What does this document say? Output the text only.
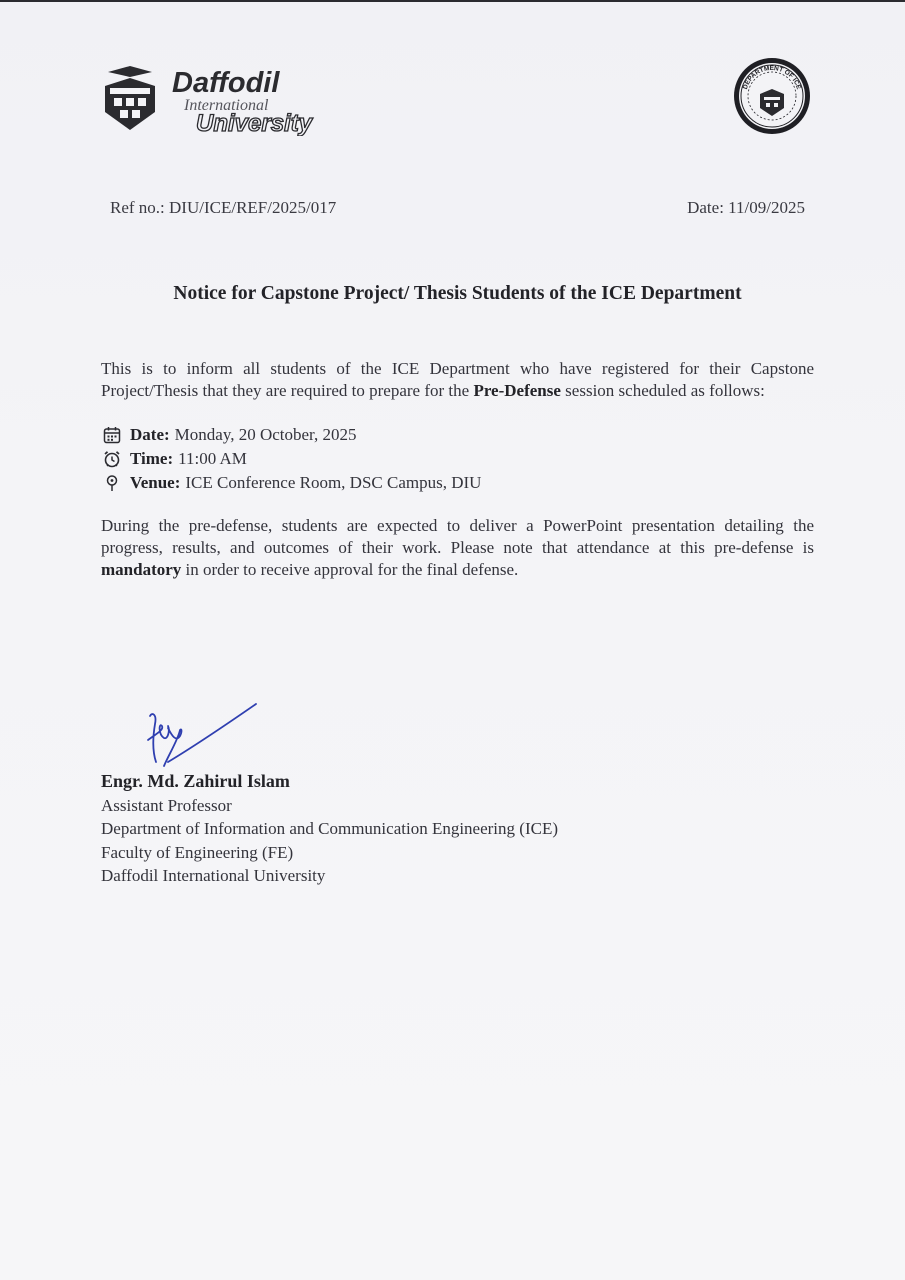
Daffodil
International
University
DEPARTMENT OF ICE
Ref no.: DIU/ICE/REF/2025/017	Date: 11/09/2025
Notice for Capstone Project/ Thesis Students of the ICE Department

This is to inform all students of the ICE Department who have registered for their Capstone Project/Thesis that they are required to prepare for the Pre-Defense session scheduled as follows:

Date: Monday, 20 October, 2025
Time: 11:00 AM
Venue: ICE Conference Room, DSC Campus, DIU

During the pre-defense, students are expected to deliver a PowerPoint presentation detailing the progress, results, and outcomes of their work. Please note that attendance at this pre-defense is mandatory in order to receive approval for the final defense.

Engr. Md. Zahirul Islam
Assistant Professor
Department of Information and Communication Engineering (ICE)
Faculty of Engineering (FE)
Daffodil International University
